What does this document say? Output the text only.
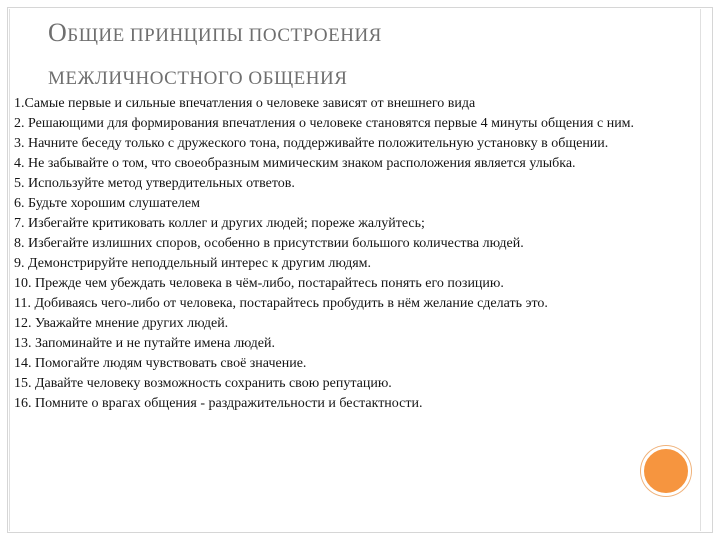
ОБЩИЕ ПРИНЦИПЫ ПОСТРОЕНИЯ
МЕЖЛИЧНОСТНОГО ОБЩЕНИЯ
1.Самые первые и сильные впечатления о человеке зависят от внешнего вида
2. Решающими для формирования впечатления о человеке становятся первые 4 минуты общения с ним.
3. Начните беседу только с дружеского тона, поддерживайте положительную установку в общении.
4. Не забывайте о том, что своеобразным мимическим знаком расположения является улыбка.
5. Используйте метод утвердительных ответов.
6. Будьте хорошим слушателем
7. Избегайте критиковать коллег и других людей; пореже жалуйтесь;
8. Избегайте излишних споров, особенно в присутствии большого количества людей.
9. Демонстрируйте неподдельный интерес к другим людям.
10. Прежде чем убеждать человека в чём-либо, постарайтесь понять его позицию.
11. Добиваясь чего-либо от человека, постарайтесь пробудить в нём желание сделать это.
12. Уважайте мнение других людей.
13. Запоминайте и не путайте имена людей.
14. Помогайте людям чувствовать своё значение.
15. Давайте человеку возможность сохранить свою репутацию.
16. Помните о врагах общения - раздражительности и бестактности.
